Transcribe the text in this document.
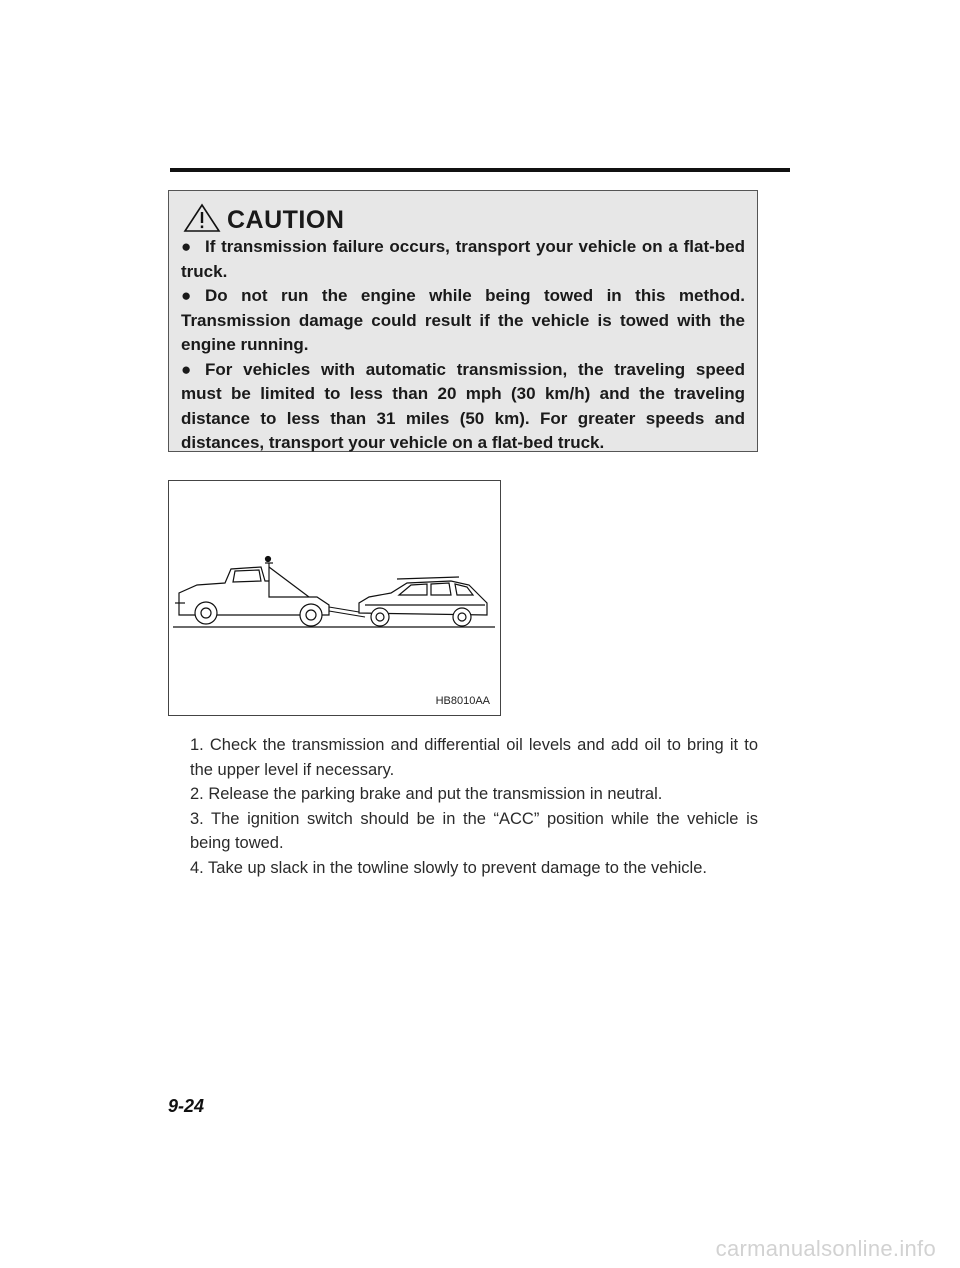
CAUTION

● If transmission failure occurs, transport your vehicle on a flat-bed truck.

● Do not run the engine while being towed in this method. Transmission damage could result if the vehicle is towed with the engine running.

● For vehicles with automatic transmission, the traveling speed must be limited to less than 20 mph (30 km/h) and the traveling distance to less than 31 miles (50 km). For greater speeds and distances, transport your vehicle on a flat-bed truck.

HB8010AA

1. Check the transmission and differential oil levels and add oil to bring it to the upper level if necessary.

2. Release the parking brake and put the transmission in neutral.

3. The ignition switch should be in the “ACC” position while the vehicle is being towed.

4. Take up slack in the towline slowly to prevent damage to the vehicle.

9-24
carmanualsonline.info
